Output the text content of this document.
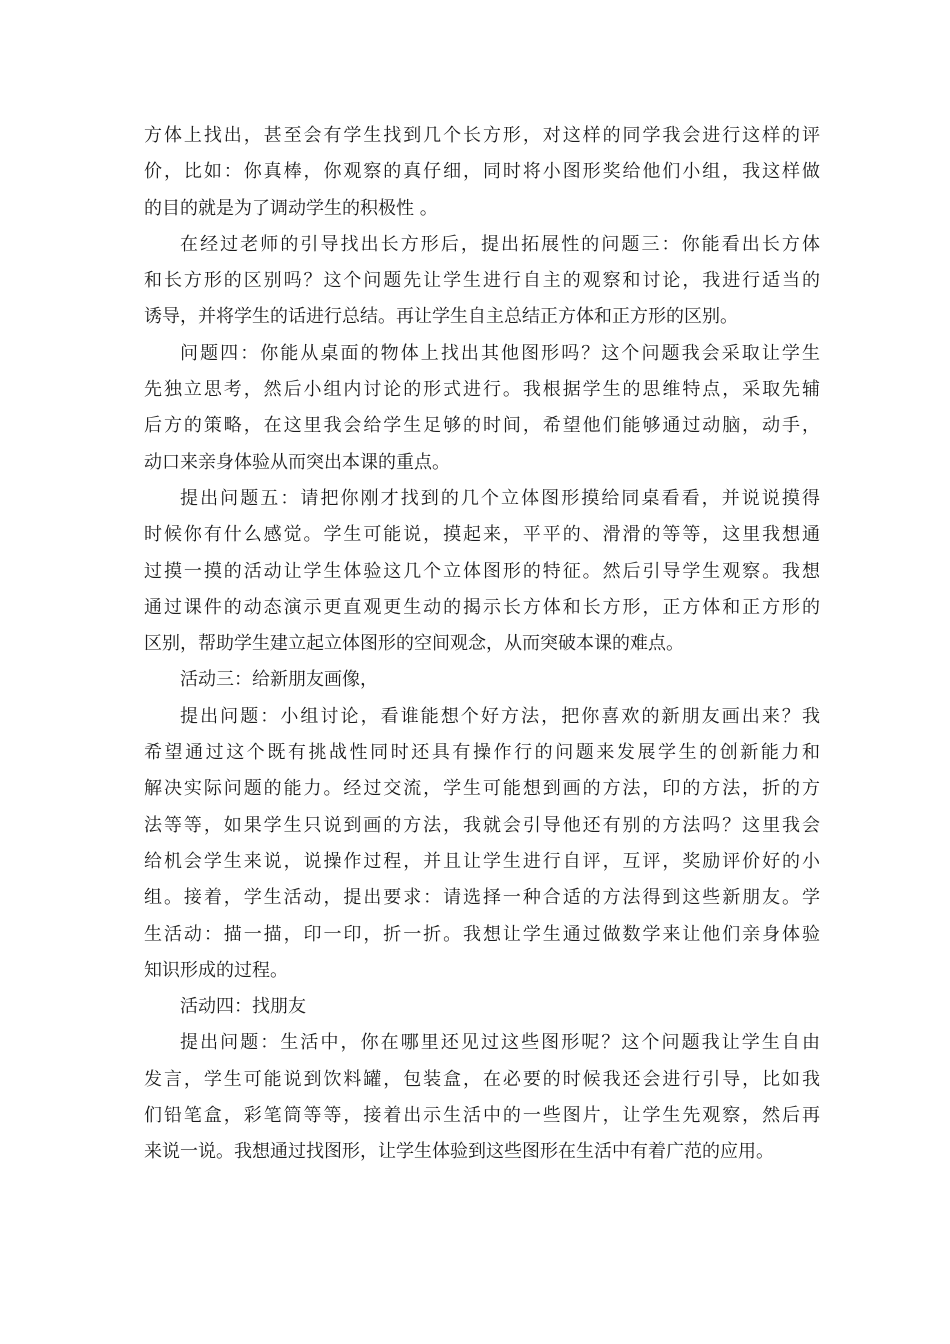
方体上找出，甚至会有学生找到几个长方形，对这样的同学我会进行这样的评
价，比如：你真棒，你观察的真仔细，同时将小图形奖给他们小组，我这样做
的目的就是为了调动学生的积极性 。
在经过老师的引导找出长方形后，提出拓展性的问题三：你能看出长方体
和长方形的区别吗？这个问题先让学生进行自主的观察和讨论，我进行适当的
诱导，并将学生的话进行总结。再让学生自主总结正方体和正方形的区别。
问题四：你能从桌面的物体上找出其他图形吗？这个问题我会采取让学生
先独立思考，然后小组内讨论的形式进行。我根据学生的思维特点，采取先辅
后方的策略，在这里我会给学生足够的时间，希望他们能够通过动脑，动手，
动口来亲身体验从而突出本课的重点。
提出问题五：请把你刚才找到的几个立体图形摸给同桌看看，并说说摸得
时候你有什么感觉。学生可能说，摸起来，平平的、滑滑的等等，这里我想通
过摸一摸的活动让学生体验这几个立体图形的特征。然后引导学生观察。我想
通过课件的动态演示更直观更生动的揭示长方体和长方形，正方体和正方形的
区别，帮助学生建立起立体图形的空间观念，从而突破本课的难点。
活动三：给新朋友画像，
提出问题：小组讨论，看谁能想个好方法，把你喜欢的新朋友画出来？我
希望通过这个既有挑战性同时还具有操作行的问题来发展学生的创新能力和
解决实际问题的能力。经过交流，学生可能想到画的方法，印的方法，折的方
法等等，如果学生只说到画的方法，我就会引导他还有别的方法吗？这里我会
给机会学生来说，说操作过程，并且让学生进行自评，互评，奖励评价好的小
组。接着，学生活动，提出要求：请选择一种合适的方法得到这些新朋友。学
生活动：描一描，印一印，折一折。我想让学生通过做数学来让他们亲身体验
知识形成的过程。
活动四：找朋友
提出问题：生活中，你在哪里还见过这些图形呢？这个问题我让学生自由
发言，学生可能说到饮料罐，包装盒，在必要的时候我还会进行引导，比如我
们铅笔盒，彩笔筒等等，接着出示生活中的一些图片，让学生先观察，然后再
来说一说。我想通过找图形，让学生体验到这些图形在生活中有着广范的应用。
